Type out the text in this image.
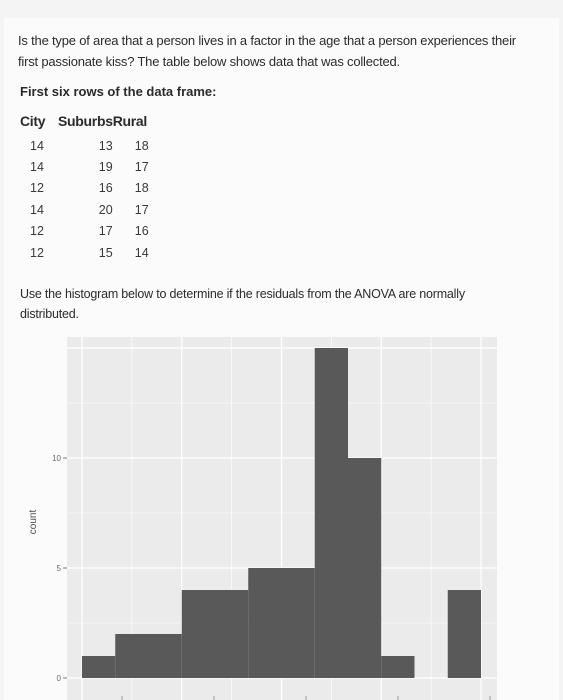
Is the type of area that a person lives in a factor in the age that a person experiences their
first passionate kiss? The table below shows data that was collected.
First six rows of the data frame:
City	Suburbs	Rural
14	13	18
14	19	17
12	16	18
14	20	17
12	17	16
12	15	14
Use the histogram below to determine if the residuals from the ANOVA are normally
distributed.
0
5
10
count
